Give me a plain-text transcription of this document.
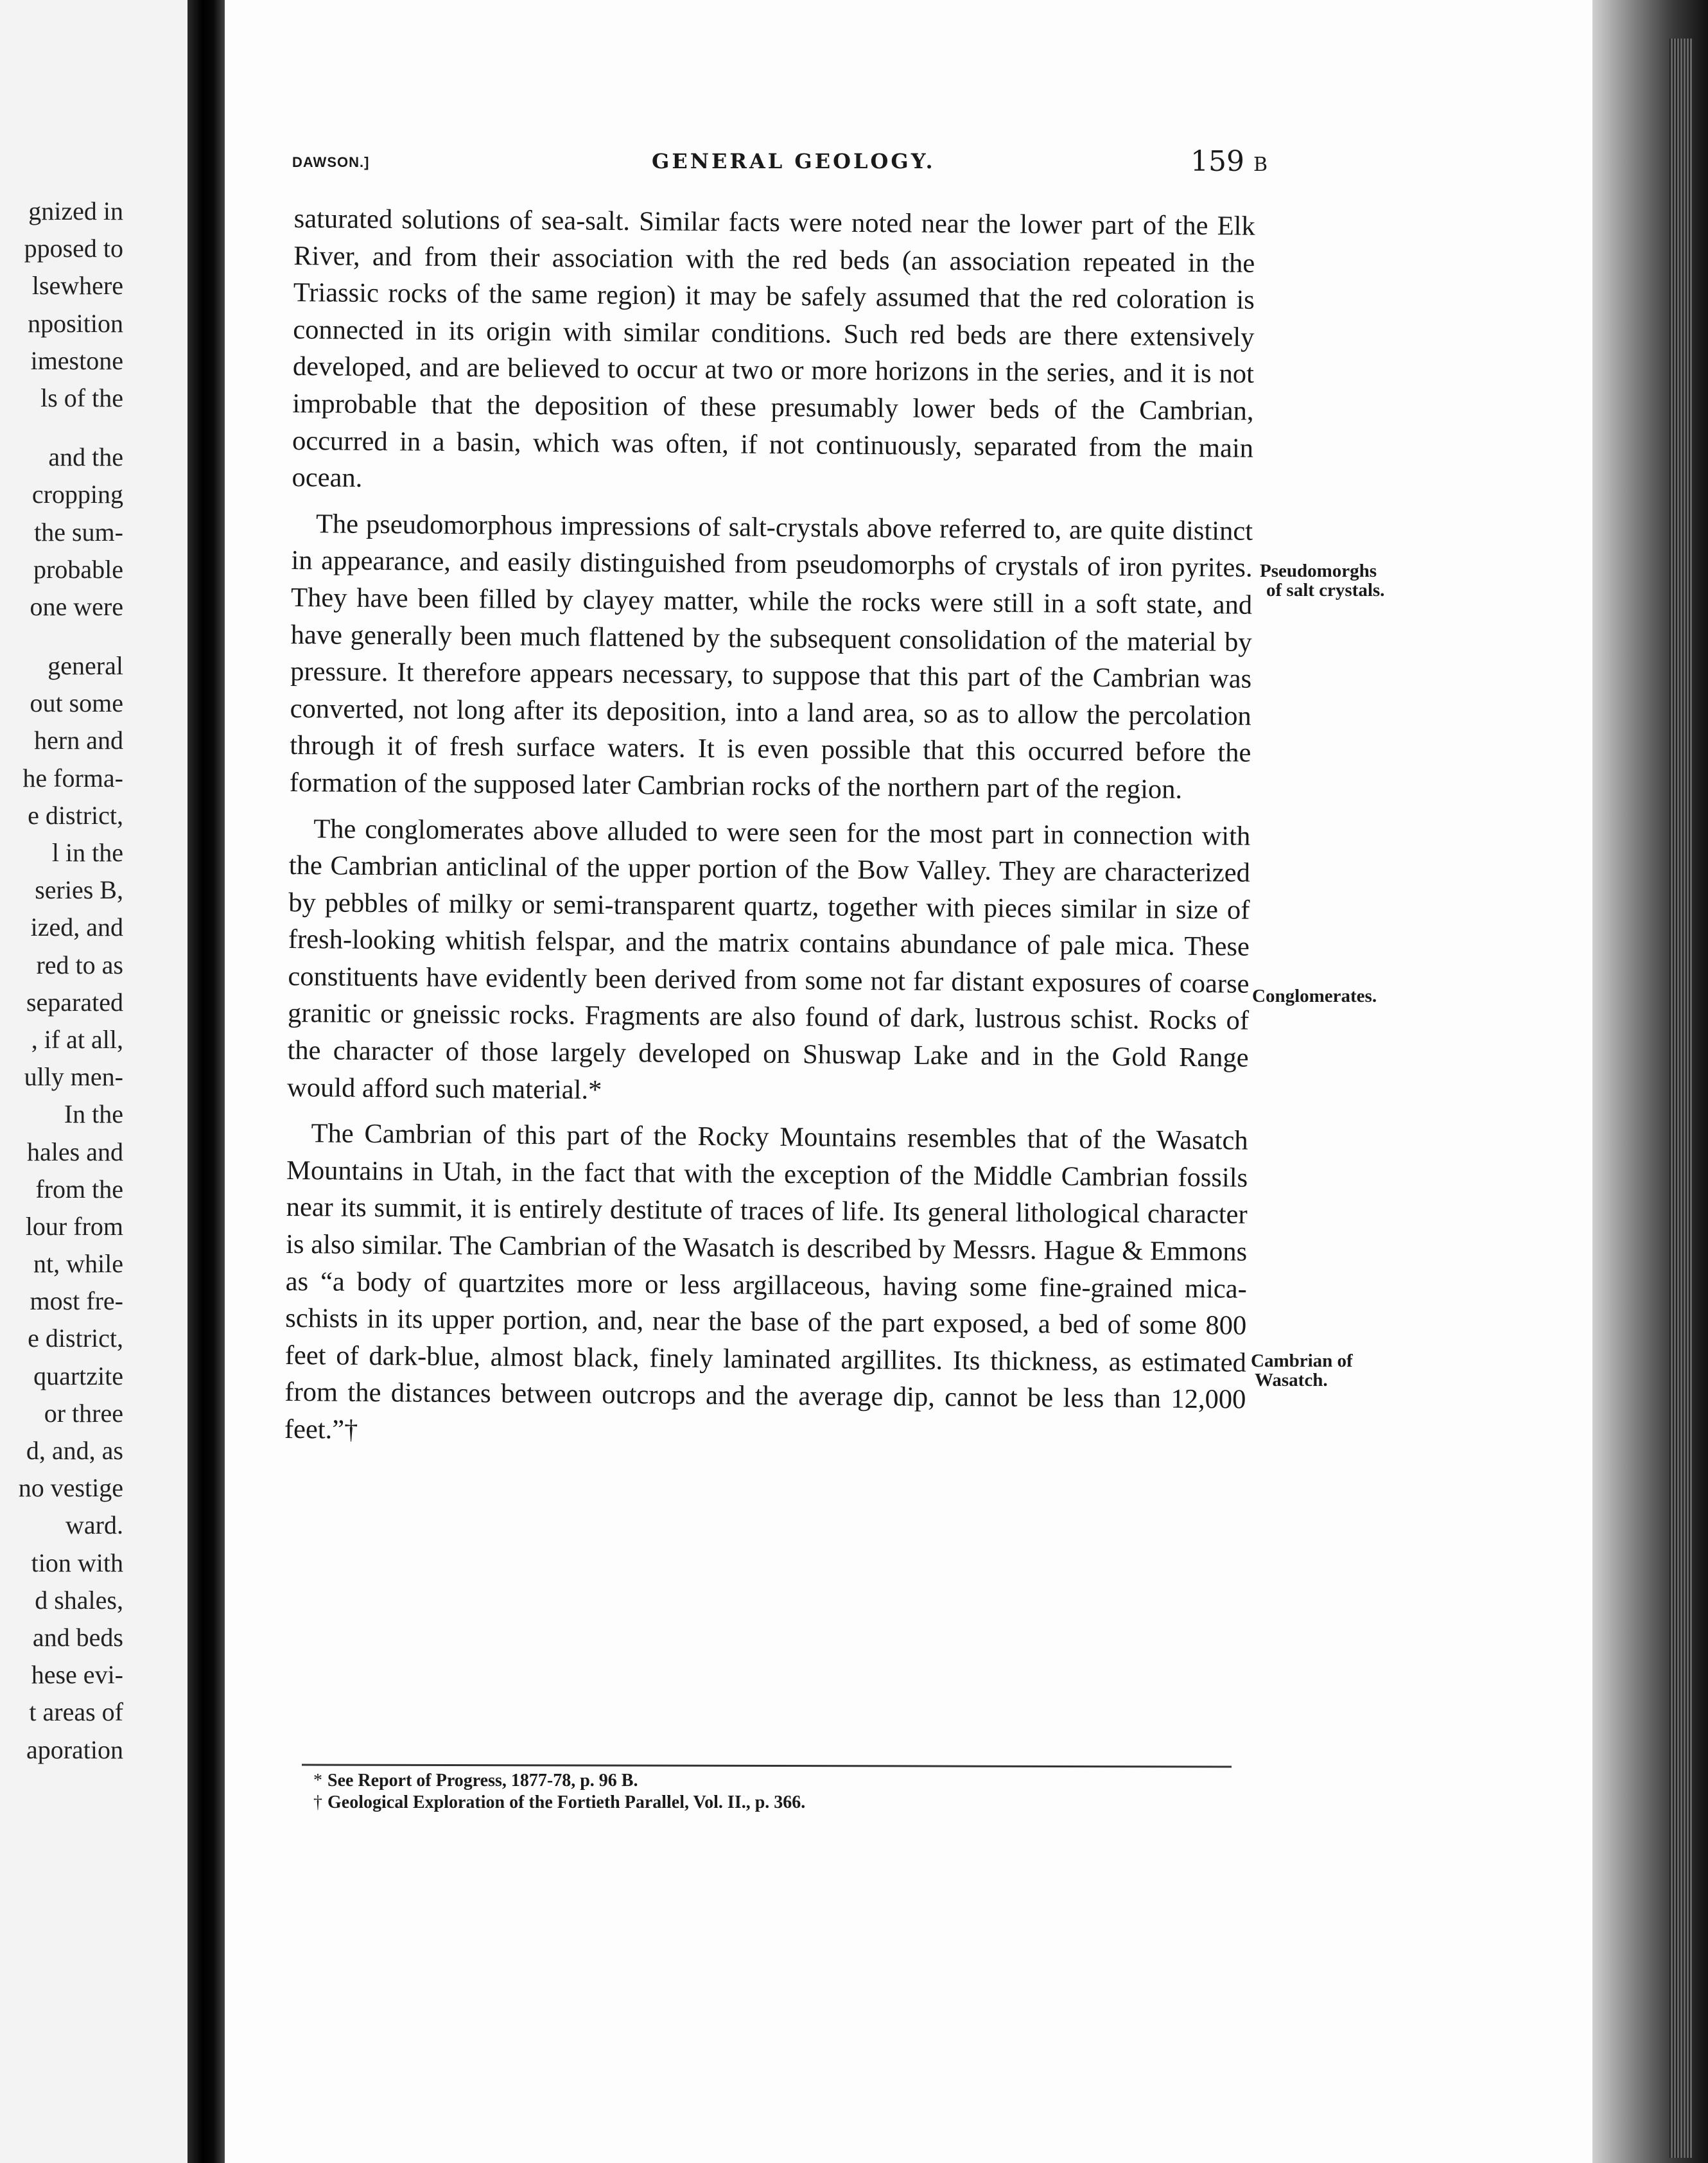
gnized in
pposed to
lsewhere
nposition
imestone
ls of the
and the
cropping
the sum-
probable
one were
general
out some
hern and
he forma-
e district,
l in the
series B,
ized, and
red to as
separated
, if at all,
ully men-
In the
hales and
from the
lour from
nt, while
most fre-
e district,
quartzite
or three
d, and, as
no vestige
ward.
tion with
d shales,
and beds
hese evi-
t areas of
aporation
DAWSON.]	GENERAL GEOLOGY.	159 B

saturated solutions of sea-salt. Similar facts were noted near the lower part of the Elk River, and from their association with the red beds (an association repeated in the Triassic rocks of the same region) it may be safely assumed that the red coloration is connected in its origin with similar conditions. Such red beds are there extensively developed, and are believed to occur at two or more horizons in the series, and it is not improbable that the deposition of these presumably lower beds of the Cambrian, occurred in a basin, which was often, if not continuously, separated from the main ocean.

The pseudomorphous impressions of salt-crystals above referred to, are quite distinct in appearance, and easily distinguished from pseudomorphs of crystals of iron pyrites. They have been filled by clayey matter, while the rocks were still in a soft state, and have generally been much flattened by the subsequent consolidation of the material by pressure. It therefore appears necessary, to suppose that this part of the Cambrian was converted, not long after its deposition, into a land area, so as to allow the percolation through it of fresh surface waters. It is even possible that this occurred before the formation of the supposed later Cambrian rocks of the northern part of the region.

The conglomerates above alluded to were seen for the most part in connection with the Cambrian anticlinal of the upper portion of the Bow Valley. They are characterized by pebbles of milky or semi-transparent quartz, together with pieces similar in size of fresh-looking whitish felspar, and the matrix contains abundance of pale mica. These constituents have evidently been derived from some not far distant exposures of coarse granitic or gneissic rocks. Fragments are also found of dark, lustrous schist. Rocks of the character of those largely developed on Shuswap Lake and in the Gold Range would afford such material.*

The Cambrian of this part of the Rocky Mountains resembles that of the Wasatch Mountains in Utah, in the fact that with the exception of the Middle Cambrian fossils near its summit, it is entirely destitute of traces of life. Its general lithological character is also similar. The Cambrian of the Wasatch is described by Messrs. Hague & Emmons as “a body of quartzites more or less argillaceous, having some fine-grained mica-schists in its upper portion, and, near the base of the part exposed, a bed of some 800 feet of dark-blue, almost black, finely laminated argillites. Its thickness, as estimated from the distances between outcrops and the average dip, cannot be less than 12,000 feet.”†

Pseudomorghs
of salt crystals.
Conglomerates.
Cambrian of
Wasatch.
* See Report of Progress, 1877-78, p. 96 B.
† Geological Exploration of the Fortieth Parallel, Vol. II., p. 366.
